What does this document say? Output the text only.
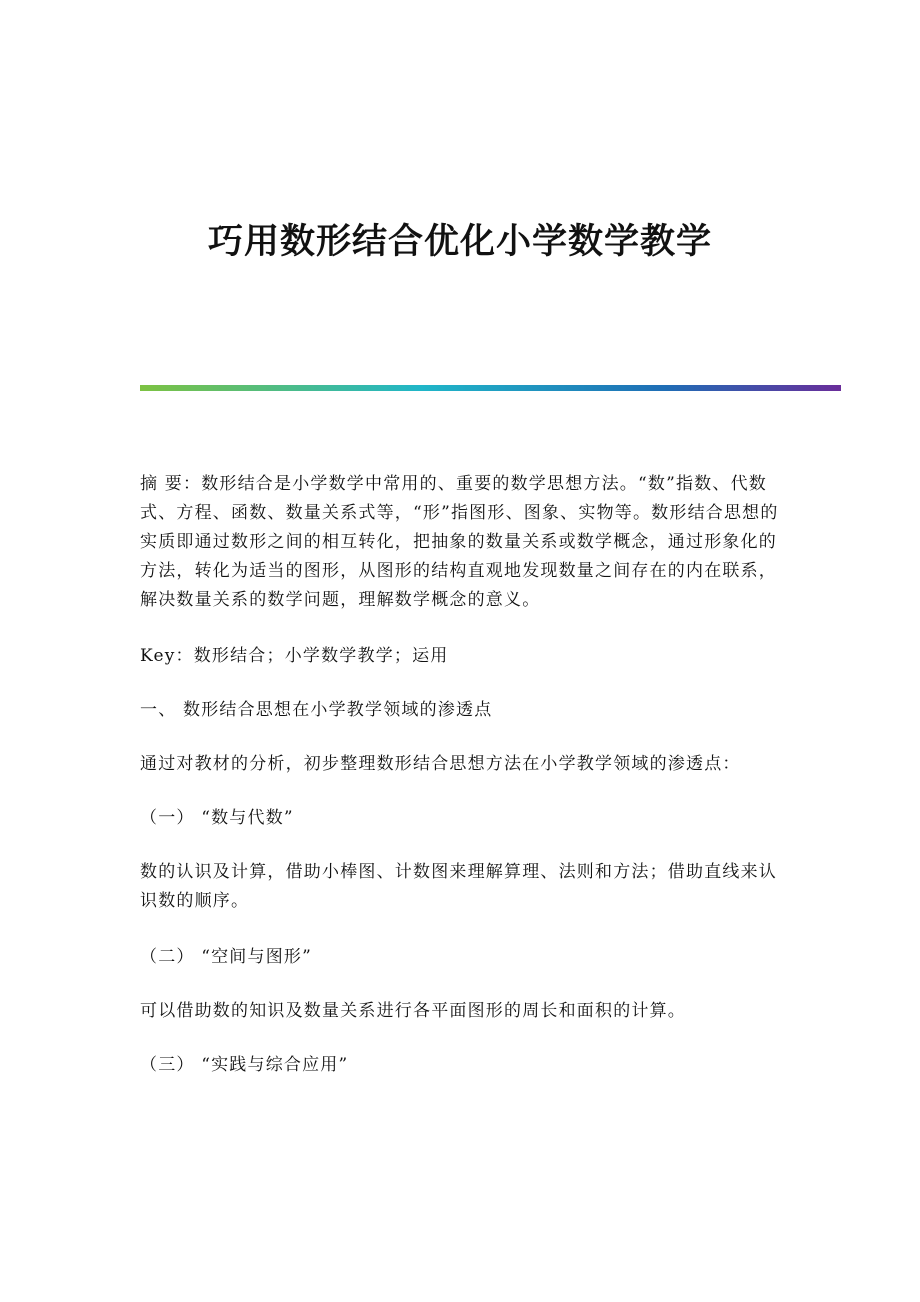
巧用数形结合优化小学数学教学

摘 要：数形结合是小学数学中常用的、重要的数学思想方法。“数”指数、代数式、方程、函数、数量关系式等，“形”指图形、图象、实物等。数形结合思想的实质即通过数形之间的相互转化，把抽象的数量关系或数学概念，通过形象化的方法，转化为适当的图形，从图形的结构直观地发现数量之间存在的内在联系，解决数量关系的数学问题，理解数学概念的意义。

Key：数形结合；小学数学教学；运用

一、 数形结合思想在小学教学领域的渗透点

通过对教材的分析，初步整理数形结合思想方法在小学教学领域的渗透点：

（一） “数与代数”

数的认识及计算，借助小棒图、计数图来理解算理、法则和方法；借助直线来认识数的顺序。

（二） “空间与图形”

可以借助数的知识及数量关系进行各平面图形的周长和面积的计算。

（三） “实践与综合应用”
